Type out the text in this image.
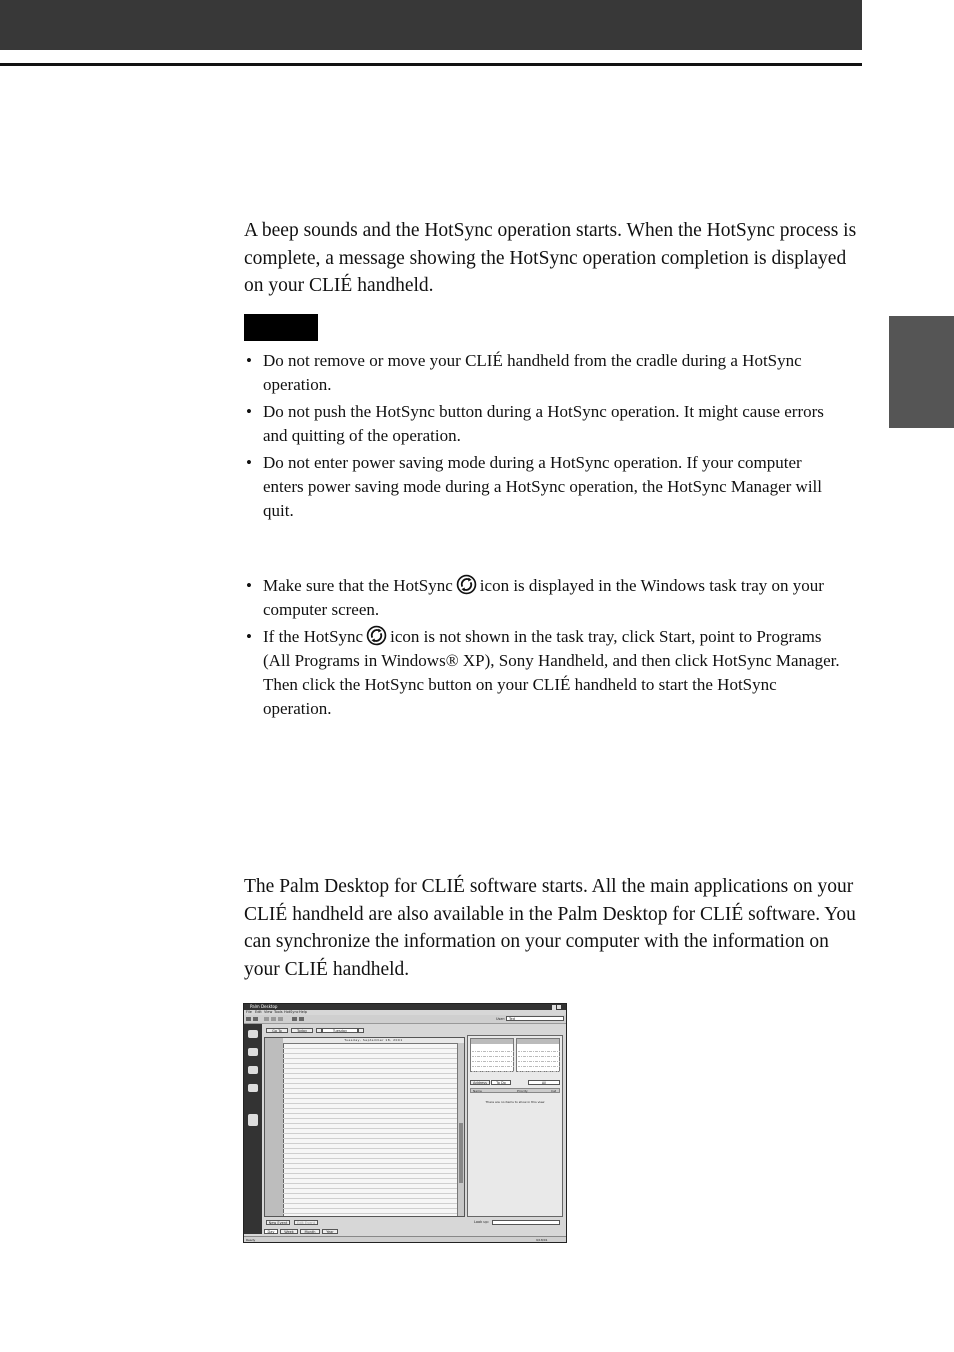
A beep sounds and the HotSync operation starts. When the HotSync process is complete, a message showing the HotSync operation completion is displayed on your CLIÉ handheld.

• Do not remove or move your CLIÉ handheld from the cradle during a HotSync operation.
• Do not push the HotSync button during a HotSync operation. It might cause errors and quitting of the operation.
• Do not enter power saving mode during a HotSync operation. If your computer enters power saving mode during a HotSync operation, the HotSync Manager will quit.
• Make sure that the HotSync icon is displayed in the Windows task tray on your computer screen.
• If the HotSync icon is not shown in the task tray, click Start, point to Programs (All Programs in Windows® XP), Sony Handheld, and then click HotSync Manager. Then click the HotSync button on your CLIÉ handheld to start the HotSync operation.

The Palm Desktop for CLIÉ software starts. All the main applications on your CLIÉ handheld are also available in the Palm Desktop for CLIÉ software. You can synchronize the information on your computer with the information on your CLIÉ handheld.

Palm Desktop
File Edit View Tools HotSync Help
User:	Ted
Go To	Today	Tuesday
Tuesday, September 18, 2001
Address	To Do	All
Name	Priority	Cat
There are no items to show in this view
New Event	Edit Event	Look up:
Day	Week	Month	Year
Ready	9/18/01
